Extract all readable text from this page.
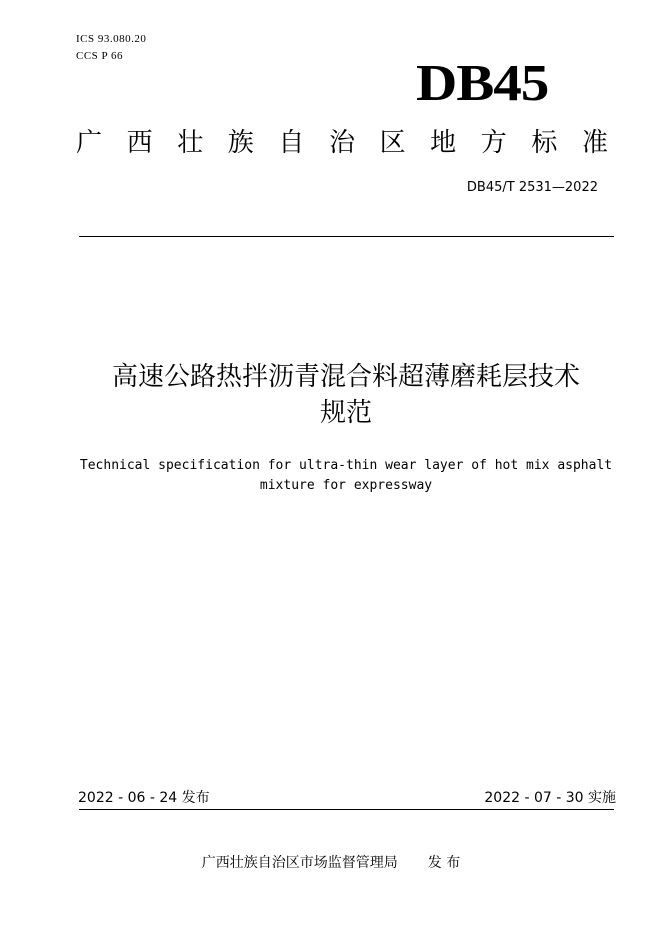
ICS 93.080.20
CCS P 66	DB45
广 西 壮 族 自 治 区 地 方 标 准
DB45/T 2531—2022
高速公路热拌沥青混合料超薄磨耗层技术
规范
Technical specification for ultra-thin wear layer of hot mix asphalt
mixture for expressway
2022 - 06 - 24 发布	2022 - 07 - 30 实施
广西壮族自治区市场监督管理局 发 布
